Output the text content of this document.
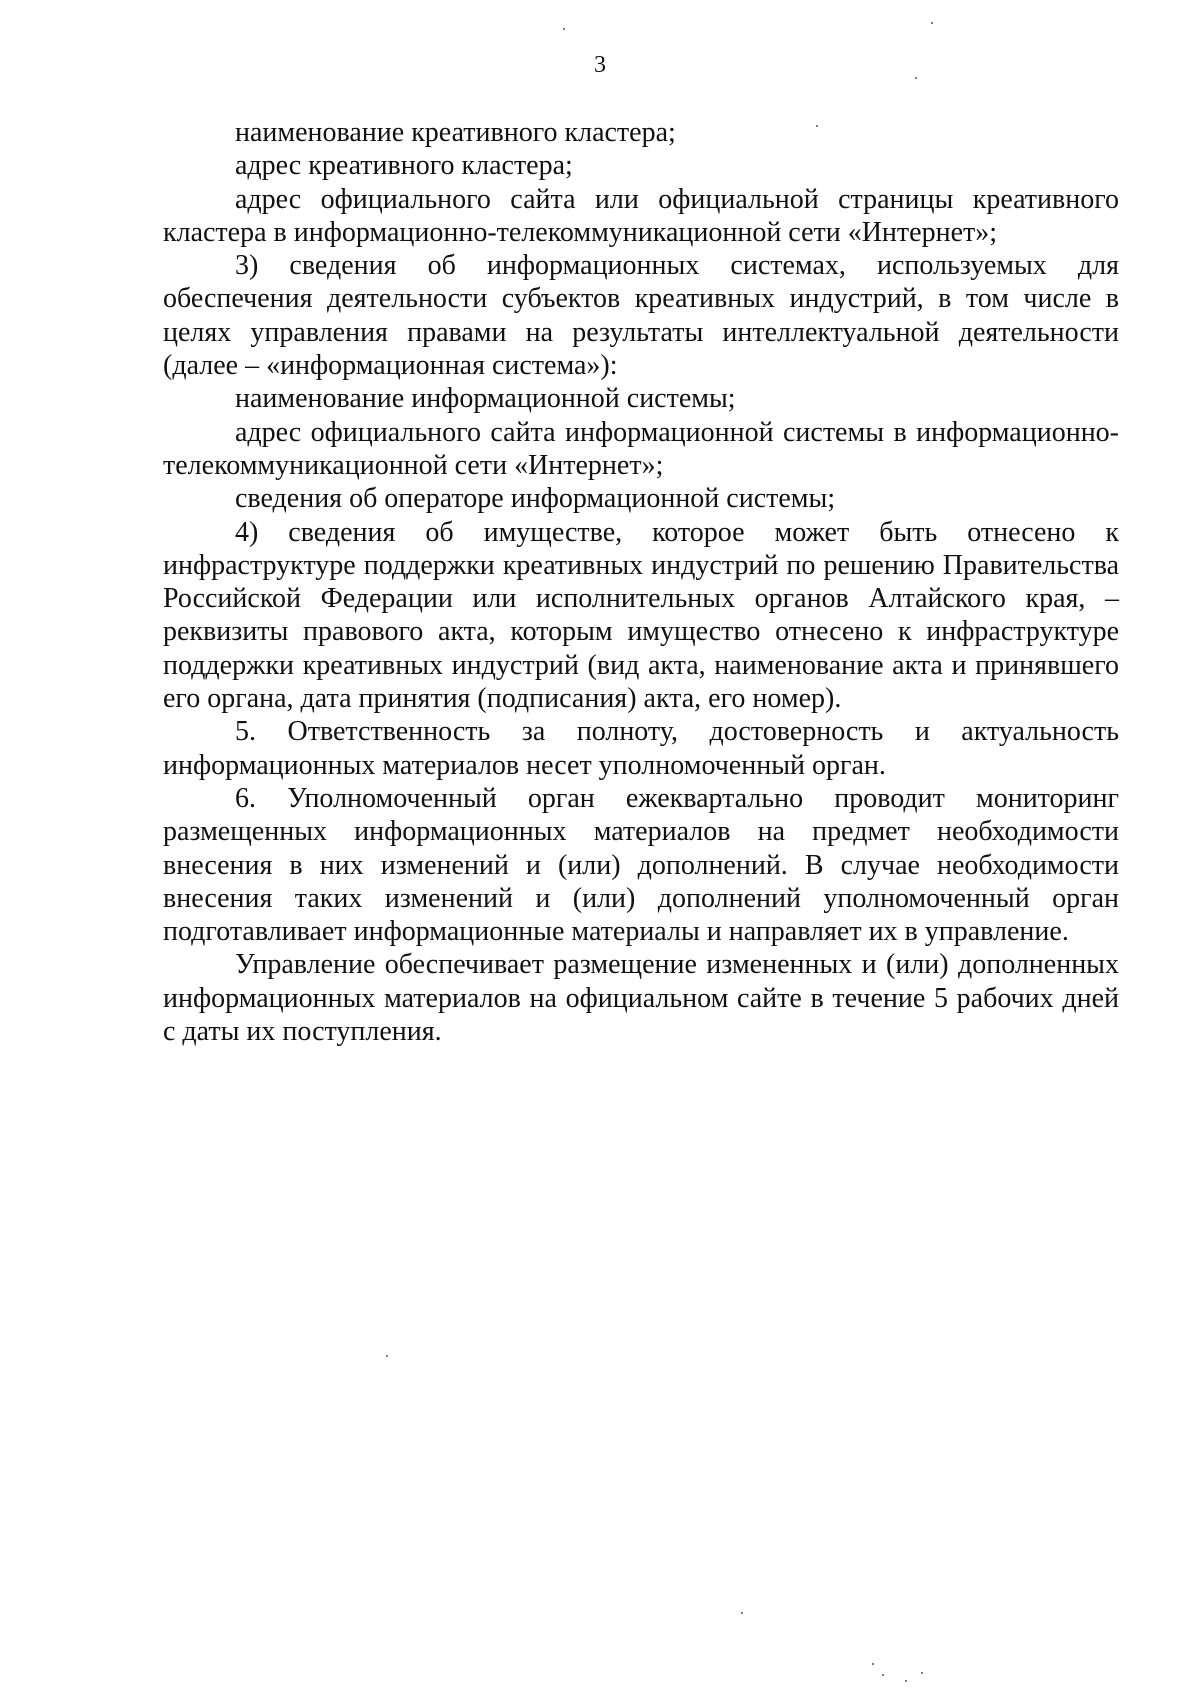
3

наименование креативного кластера;

адрес креативного кластера;

адрес официального сайта или официальной страницы креативного кластера в информационно-телекоммуникационной сети «Интернет»;

3) сведения об информационных системах, используемых для обеспечения деятельности субъектов креативных индустрий, в том числе в целях управления правами на результаты интеллектуальной деятельности (далее – «информационная система»):

наименование информационной системы;

адрес официального сайта информационной системы в информационно-телекоммуникационной сети «Интернет»;

сведения об операторе информационной системы;

4) сведения об имуществе, которое может быть отнесено к инфраструктуре поддержки креативных индустрий по решению Правительства Российской Федерации или исполнительных органов Алтайского края, – реквизиты правового акта, которым имущество отнесено к инфраструктуре поддержки креативных индустрий (вид акта, наименование акта и принявшего его органа, дата принятия (подписания) акта, его номер).

5. Ответственность за полноту, достоверность и актуальность информационных материалов несет уполномоченный орган.

6. Уполномоченный орган ежеквартально проводит мониторинг размещенных информационных материалов на предмет необходимости внесения в них изменений и (или) дополнений. В случае необходимости внесения таких изменений и (или) дополнений уполномоченный орган подготавливает информационные материалы и направляет их в управление.

Управление обеспечивает размещение измененных и (или) дополненных информационных материалов на официальном сайте в течение 5 рабочих дней с даты их поступления.
